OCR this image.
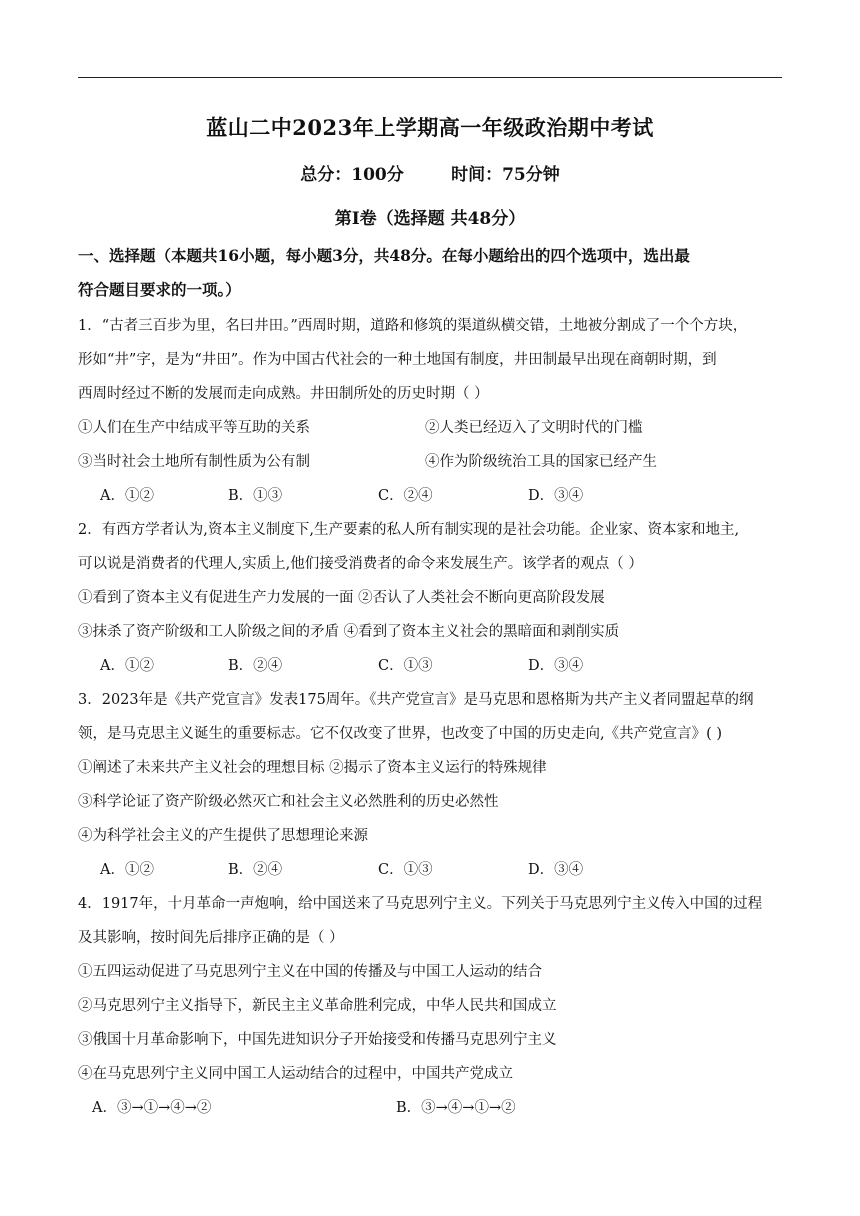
蓝山二中2023年上学期高一年级政治期中考试
总分：100分        时间：75分钟
第Ⅰ卷（选择题 共48分）
一、选择题（本题共16小题，每小题3分，共48分。在每小题给出的四个选项中，选出最
符合题目要求的一项。）
1．“古者三百步为里，名曰井田。”西周时期，道路和修筑的渠道纵横交错，土地被分割成了一个个方块，
形如“井”字，是为“井田”。作为中国古代社会的一种土地国有制度，井田制最早出现在商朝时期，到
西周时经过不断的发展而走向成熟。井田制所处的历史时期（ ）
①人们在生产中结成平等互助的关系	②人类已经迈入了文明时代的门槛
③当时社会土地所有制性质为公有制	④作为阶级统治工具的国家已经产生
A．①②	B．①③	C．②④	D．③④
2．有西方学者认为,资本主义制度下,生产要素的私人所有制实现的是社会功能。企业家、资本家和地主,
可以说是消费者的代理人,实质上,他们接受消费者的命令来发展生产。该学者的观点（ ）
①看到了资本主义有促进生产力发展的一面 ②否认了人类社会不断向更高阶段发展
③抹杀了资产阶级和工人阶级之间的矛盾 ④看到了资本主义社会的黑暗面和剥削实质
A．①②	B．②④	C．①③	D．③④
3．2023年是《共产党宣言》发表175周年。《共产党宣言》是马克思和恩格斯为共产主义者同盟起草的纲
领，是马克思主义诞生的重要标志。它不仅改变了世界，也改变了中国的历史走向,《共产党宣言》( )
①阐述了未来共产主义社会的理想目标 ②揭示了资本主义运行的特殊规律
③科学论证了资产阶级必然灭亡和社会主义必然胜利的历史必然性
④为科学社会主义的产生提供了思想理论来源
A．①②	B．②④	C．①③	D．③④
4．1917年，十月革命一声炮响，给中国送来了马克思列宁主义。下列关于马克思列宁主义传入中国的过程
及其影响，按时间先后排序正确的是（ ）
①五四运动促进了马克思列宁主义在中国的传播及与中国工人运动的结合
②马克思列宁主义指导下，新民主主义革命胜利完成，中华人民共和国成立
③俄国十月革命影响下，中国先进知识分子开始接受和传播马克思列宁主义
④在马克思列宁主义同中国工人运动结合的过程中，中国共产党成立
A．③→①→④→②	B．③→④→①→②
